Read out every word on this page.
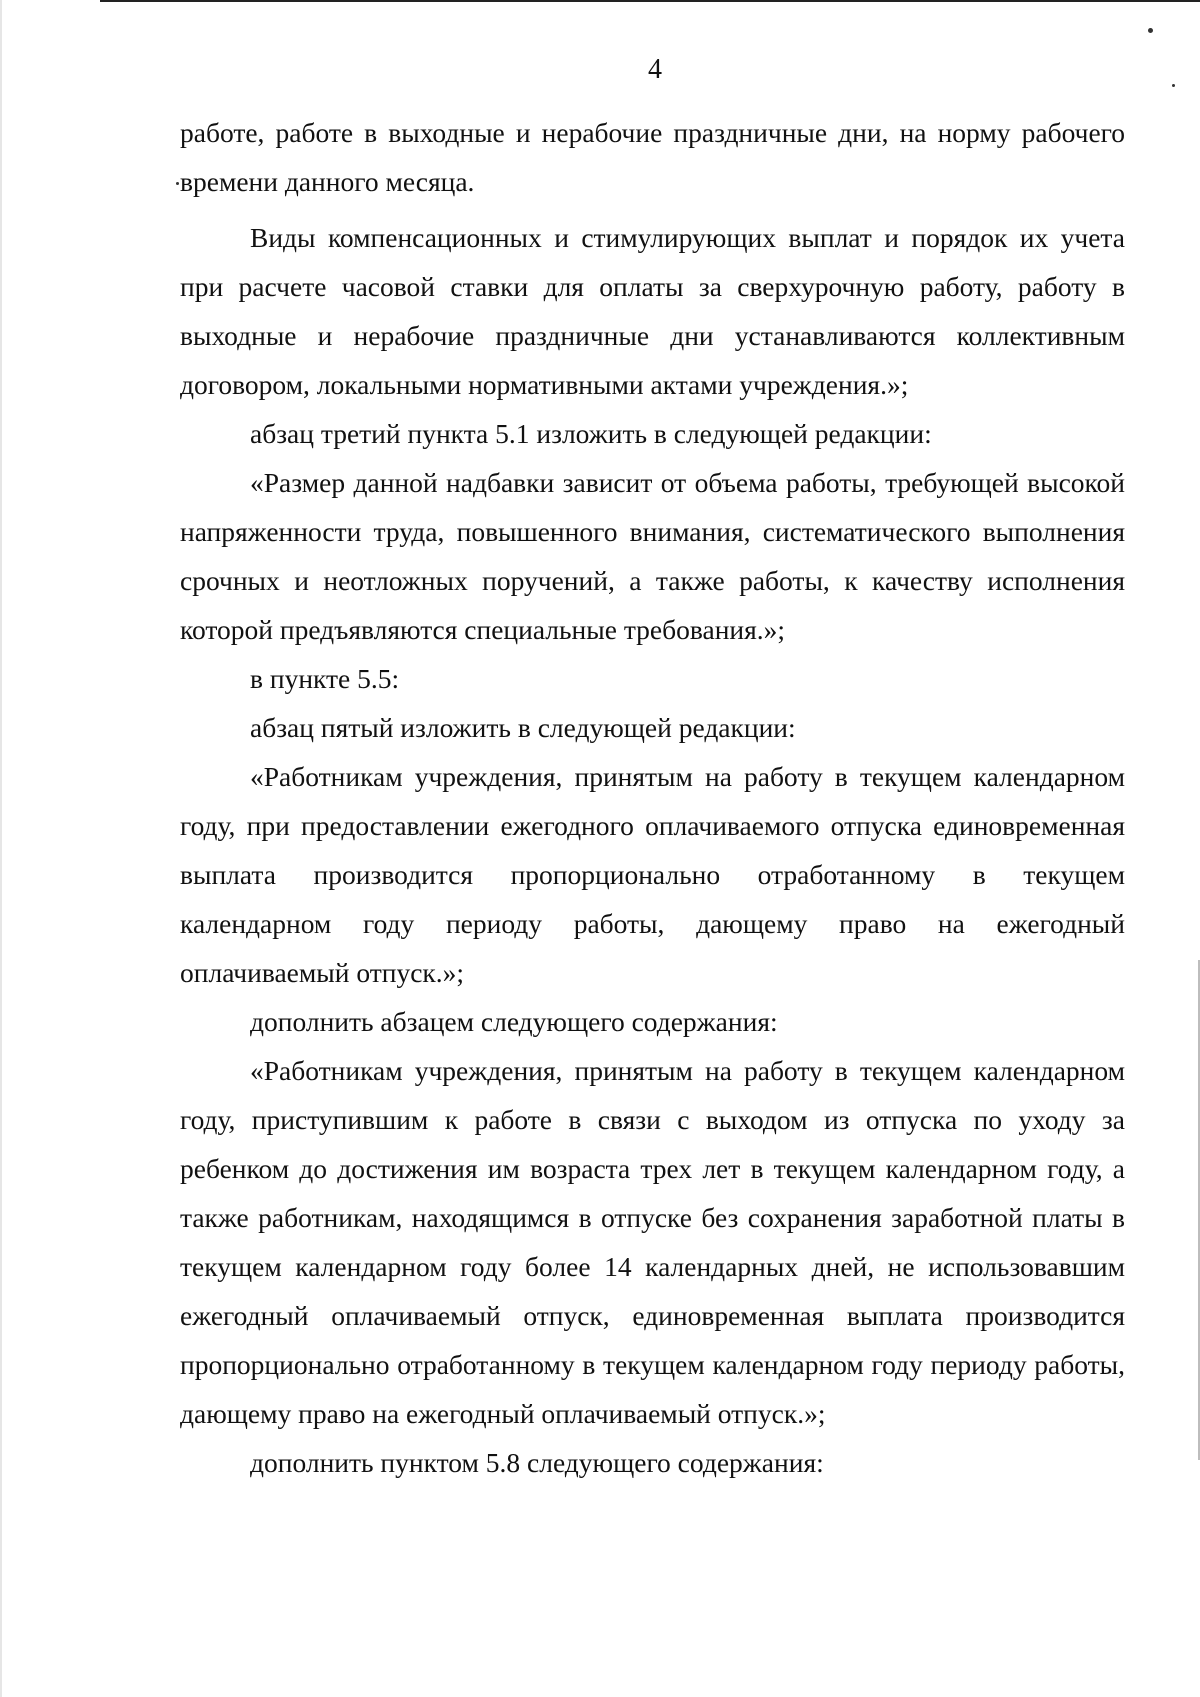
4

работе, работе в выходные и нерабочие праздничные дни, на норму рабочего времени данного месяца.

Виды компенсационных и стимулирующих выплат и порядок их учета при расчете часовой ставки для оплаты за сверхурочную работу, работу в выходные и нерабочие праздничные дни устанавливаются коллективным договором, локальными нормативными актами учреждения.»;

абзац третий пункта 5.1 изложить в следующей редакции:

«Размер данной надбавки зависит от объема работы, требующей высокой напряженности труда, повышенного внимания, систематического выполнения срочных и неотложных поручений, а также работы, к качеству исполнения которой предъявляются специальные требования.»;

в пункте 5.5:

абзац пятый изложить в следующей редакции:

«Работникам учреждения, принятым на работу в текущем календарном году, при предоставлении ежегодного оплачиваемого отпуска единовременная выплата производится пропорционально отработанному в текущем календарном году периоду работы, дающему право на ежегодный оплачиваемый отпуск.»;

дополнить абзацем следующего содержания:

«Работникам учреждения, принятым на работу в текущем календарном году, приступившим к работе в связи с выходом из отпуска по уходу за ребенком до достижения им возраста трех лет в текущем календарном году, а также работникам, находящимся в отпуске без сохранения заработной платы в текущем календарном году более 14 календарных дней, не использовавшим ежегодный оплачиваемый отпуск, единовременная выплата производится пропорционально отработанному в текущем календарном году периоду работы, дающему право на ежегодный оплачиваемый отпуск.»;

дополнить пунктом 5.8 следующего содержания:
